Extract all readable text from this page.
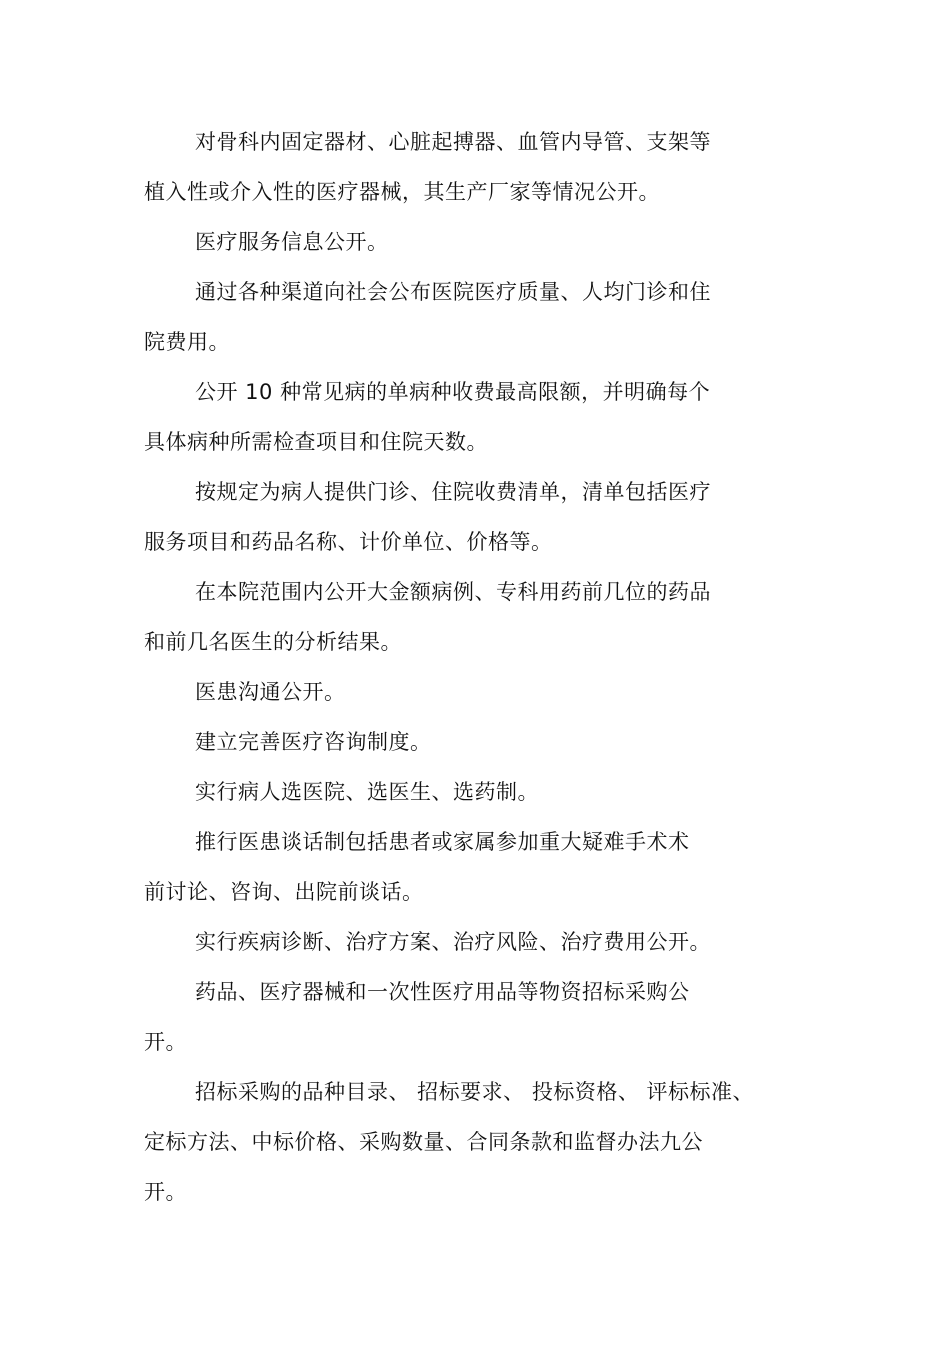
对骨科内固定器材、心脏起搏器、血管内导管、支架等
植入性或介入性的医疗器械，其生产厂家等情况公开。
医疗服务信息公开。
通过各种渠道向社会公布医院医疗质量、人均门诊和住
院费用。
公开 10 种常见病的单病种收费最高限额，并明确每个
具体病种所需检查项目和住院天数。
按规定为病人提供门诊、住院收费清单，清单包括医疗
服务项目和药品名称、计价单位、价格等。
在本院范围内公开大金额病例、专科用药前几位的药品
和前几名医生的分析结果。
医患沟通公开。
建立完善医疗咨询制度。
实行病人选医院、选医生、选药制。
推行医患谈话制包括患者或家属参加重大疑难手术术
前讨论、咨询、出院前谈话。
实行疾病诊断、治疗方案、治疗风险、治疗费用公开。
药品、医疗器械和一次性医疗用品等物资招标采购公
开。
招标采购的品种目录、 招标要求、 投标资格、 评标标准、
定标方法、中标价格、采购数量、合同条款和监督办法九公
开。
